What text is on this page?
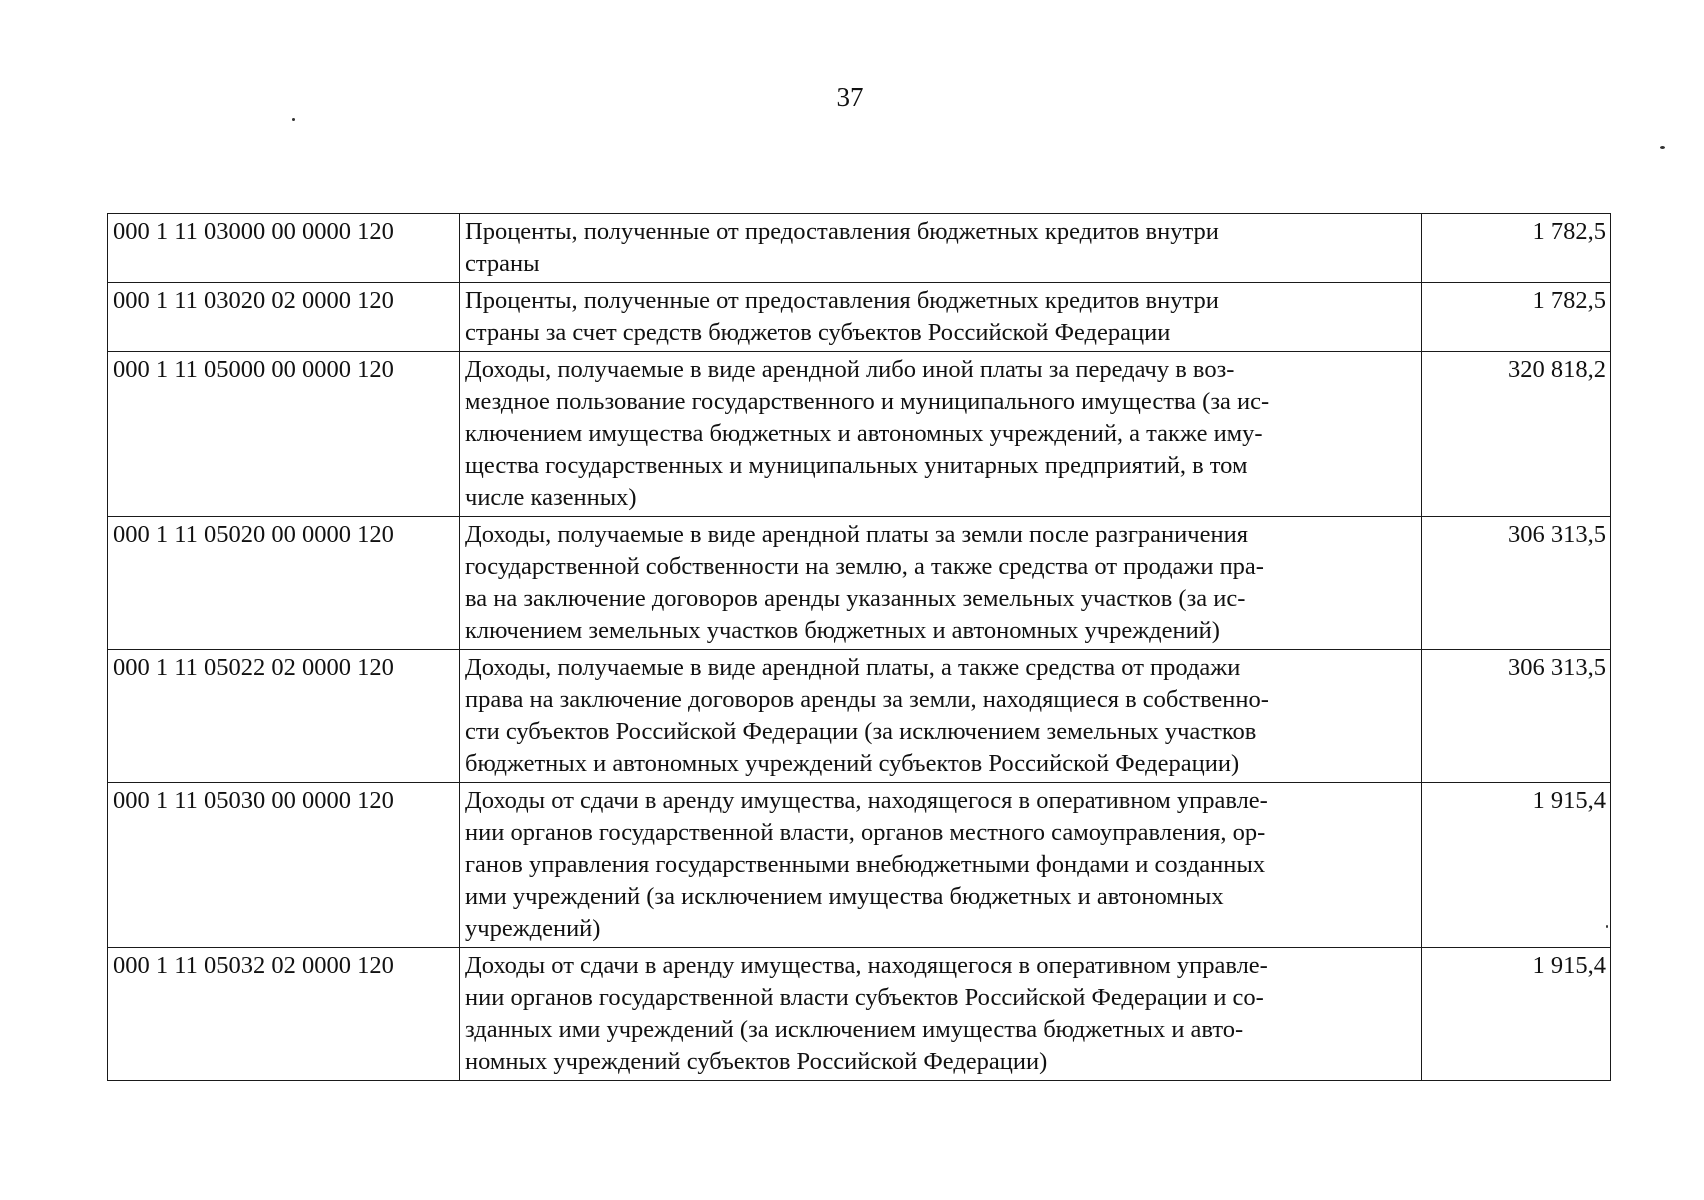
37
000 1 11 03000 00 0000 120	Проценты, полученные от предоставления бюджетных кредитов внутри
страны	1 782,5
000 1 11 03020 02 0000 120	Проценты, полученные от предоставления бюджетных кредитов внутри
страны за счет средств бюджетов субъектов Российской Федерации	1 782,5
000 1 11 05000 00 0000 120	Доходы, получаемые в виде арендной либо иной платы за передачу в воз-
мездное пользование государственного и муниципального имущества (за ис-
ключением имущества бюджетных и автономных учреждений, а также иму-
щества государственных и муниципальных унитарных предприятий, в том
числе казенных)	320 818,2
000 1 11 05020 00 0000 120	Доходы, получаемые в виде арендной платы за земли после разграничения
государственной собственности на землю, а также средства от продажи пра-
ва на заключение договоров аренды указанных земельных участков (за ис-
ключением земельных участков бюджетных и автономных учреждений)	306 313,5
000 1 11 05022 02 0000 120	Доходы, получаемые в виде арендной платы, а также средства от продажи
права на заключение договоров аренды за земли, находящиеся в собственно-
сти субъектов Российской Федерации (за исключением земельных участков
бюджетных и автономных учреждений субъектов Российской Федерации)	306 313,5
000 1 11 05030 00 0000 120	Доходы от сдачи в аренду имущества, находящегося в оперативном управле-
нии органов государственной власти, органов местного самоуправления, ор-
ганов управления государственными внебюджетными фондами и созданных
ими учреждений (за исключением имущества бюджетных и автономных
учреждений)	1 915,4
000 1 11 05032 02 0000 120	Доходы от сдачи в аренду имущества, находящегося в оперативном управле-
нии органов государственной власти субъектов Российской Федерации и со-
зданных ими учреждений (за исключением имущества бюджетных и авто-
номных учреждений субъектов Российской Федерации)	1 915,4
